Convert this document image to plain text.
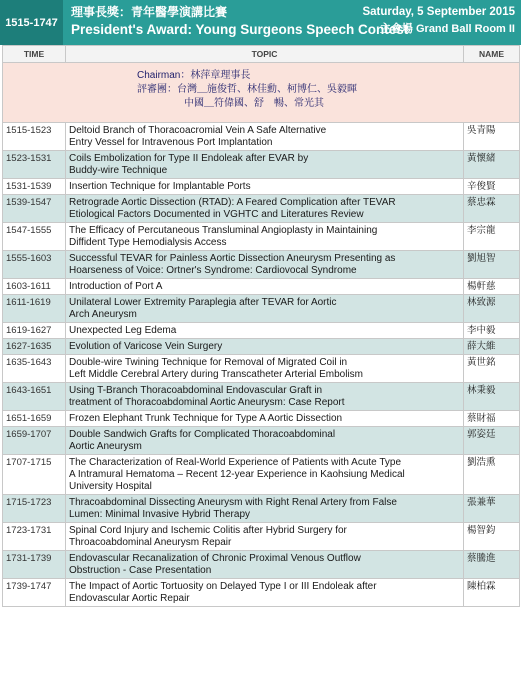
1515-1747
理事長獎：青年醫學演講比賽
President's Award: Young Surgeons Speech Contest
Saturday, 5 September 2015
主會場 Grand Ball Room II
TIME	TOPIC	NAME

Chairman：林萍章理事長
評審團：台灣＿施俊哲、林佳勳、柯博仁、吳毅暉
中國＿符偉國、舒　暢、常光其		

1515-1523	Deltoid Branch of Thoracoacromial Vein A Safe Alternative
Entry Vessel for Intravenous Port Implantation	吳青陽
1523-1531	Coils Embolization for Type II Endoleak after EVAR by
Buddy-wire Technique	黃懷緒
1531-1539	Insertion Technique for Implantable Ports	辛俊賢
1539-1547	Retrograde Aortic Dissection (RTAD): A Feared Complication after TEVAR
Etiological Factors Documented in VGHTC and Literatures Review	蔡忠霖
1547-1555	The Efficacy of Percutaneous Transluminal Angioplasty in Maintaining
Diffident Type Hemodialysis Access	李宗龍
1555-1603	Successful TEVAR for Painless Aortic Dissection Aneurysm Presenting as
Hoarseness of Voice: Ortner's Syndrome: Cardiovocal Syndrome	劉旭智
1603-1611	Introduction of Port A	楊軒慈
1611-1619	Unilateral Lower Extremity Paraplegia after TEVAR for Aortic
Arch Aneurysm	林致源
1619-1627	Unexpected Leg Edema	李中毅
1627-1635	Evolution of Varicose Vein Surgery	薛大維
1635-1643	Double-wire Twining Technique for Removal of Migrated Coil in
Left Middle Cerebral Artery during Transcatheter Arterial Embolism	黃世銘
1643-1651	Using T-Branch Thoracoabdominal Endovascular Graft in
treatment of Thoracoabdominal Aortic Aneurysm: Case Report	林秉毅
1651-1659	Frozen Elephant Trunk Technique for Type A Aortic Dissection	蔡財福
1659-1707	Double Sandwich Grafts for Complicated Thoracoabdominal
Aortic Aneurysm	郭姿廷
1707-1715	The Characterization of Real-World Experience of Patients with Acute Type
A Intramural Hematoma – Recent 12-year Experience in Kaohsiung Medical
University Hospital	劉浩熏
1715-1723	Thracoabdominal Dissecting Aneurysm with Right Renal Artery from False
Lumen: Minimal Invasive Hybrid Therapy	張兼華
1723-1731	Spinal Cord Injury and Ischemic Colitis after Hybrid Surgery for
Throacoabdominal Aneurysm Repair	楊智鈞
1731-1739	Endovascular Recanalization of Chronic Proximal Venous Outflow
Obstruction - Case Presentation	蔡騰進
1739-1747	The Impact of Aortic Tortuosity on Delayed Type I or III Endoleak after
Endovascular Aortic Repair	陳柏霖
